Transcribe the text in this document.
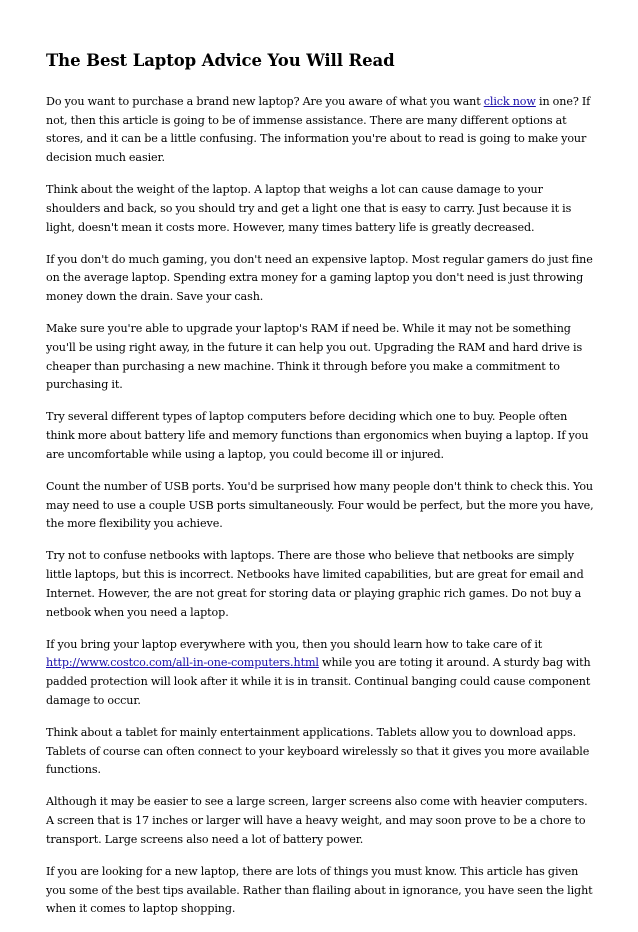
The Best Laptop Advice You Will Read

Do you want to purchase a brand new laptop? Are you aware of what you want click now in one? If not, then this article is going to be of immense assistance. There are many different options at stores, and it can be a little confusing. The information you're about to read is going to make your decision much easier.

Think about the weight of the laptop. A laptop that weighs a lot can cause damage to your shoulders and back, so you should try and get a light one that is easy to carry. Just because it is light, doesn't mean it costs more. However, many times battery life is greatly decreased.

If you don't do much gaming, you don't need an expensive laptop. Most regular gamers do just fine on the average laptop. Spending extra money for a gaming laptop you don't need is just throwing money down the drain. Save your cash.

Make sure you're able to upgrade your laptop's RAM if need be. While it may not be something you'll be using right away, in the future it can help you out. Upgrading the RAM and hard drive is cheaper than purchasing a new machine. Think it through before you make a commitment to purchasing it.

Try several different types of laptop computers before deciding which one to buy. People often think more about battery life and memory functions than ergonomics when buying a laptop. If you are uncomfortable while using a laptop, you could become ill or injured.

Count the number of USB ports. You'd be surprised how many people don't think to check this. You may need to use a couple USB ports simultaneously. Four would be perfect, but the more you have, the more flexibility you achieve.

Try not to confuse netbooks with laptops. There are those who believe that netbooks are simply little laptops, but this is incorrect. Netbooks have limited capabilities, but are great for email and Internet. However, the are not great for storing data or playing graphic rich games. Do not buy a netbook when you need a laptop.

If you bring your laptop everywhere with you, then you should learn how to take care of it http://www.costco.com/all-in-one-computers.html while you are toting it around. A sturdy bag with padded protection will look after it while it is in transit. Continual banging could cause component damage to occur.

Think about a tablet for mainly entertainment applications. Tablets allow you to download apps. Tablets of course can often connect to your keyboard wirelessly so that it gives you more available functions.

Although it may be easier to see a large screen, larger screens also come with heavier computers. A screen that is 17 inches or larger will have a heavy weight, and may soon prove to be a chore to transport. Large screens also need a lot of battery power.

If you are looking for a new laptop, there are lots of things you must know. This article has given you some of the best tips available. Rather than flailing about in ignorance, you have seen the light when it comes to laptop shopping.
